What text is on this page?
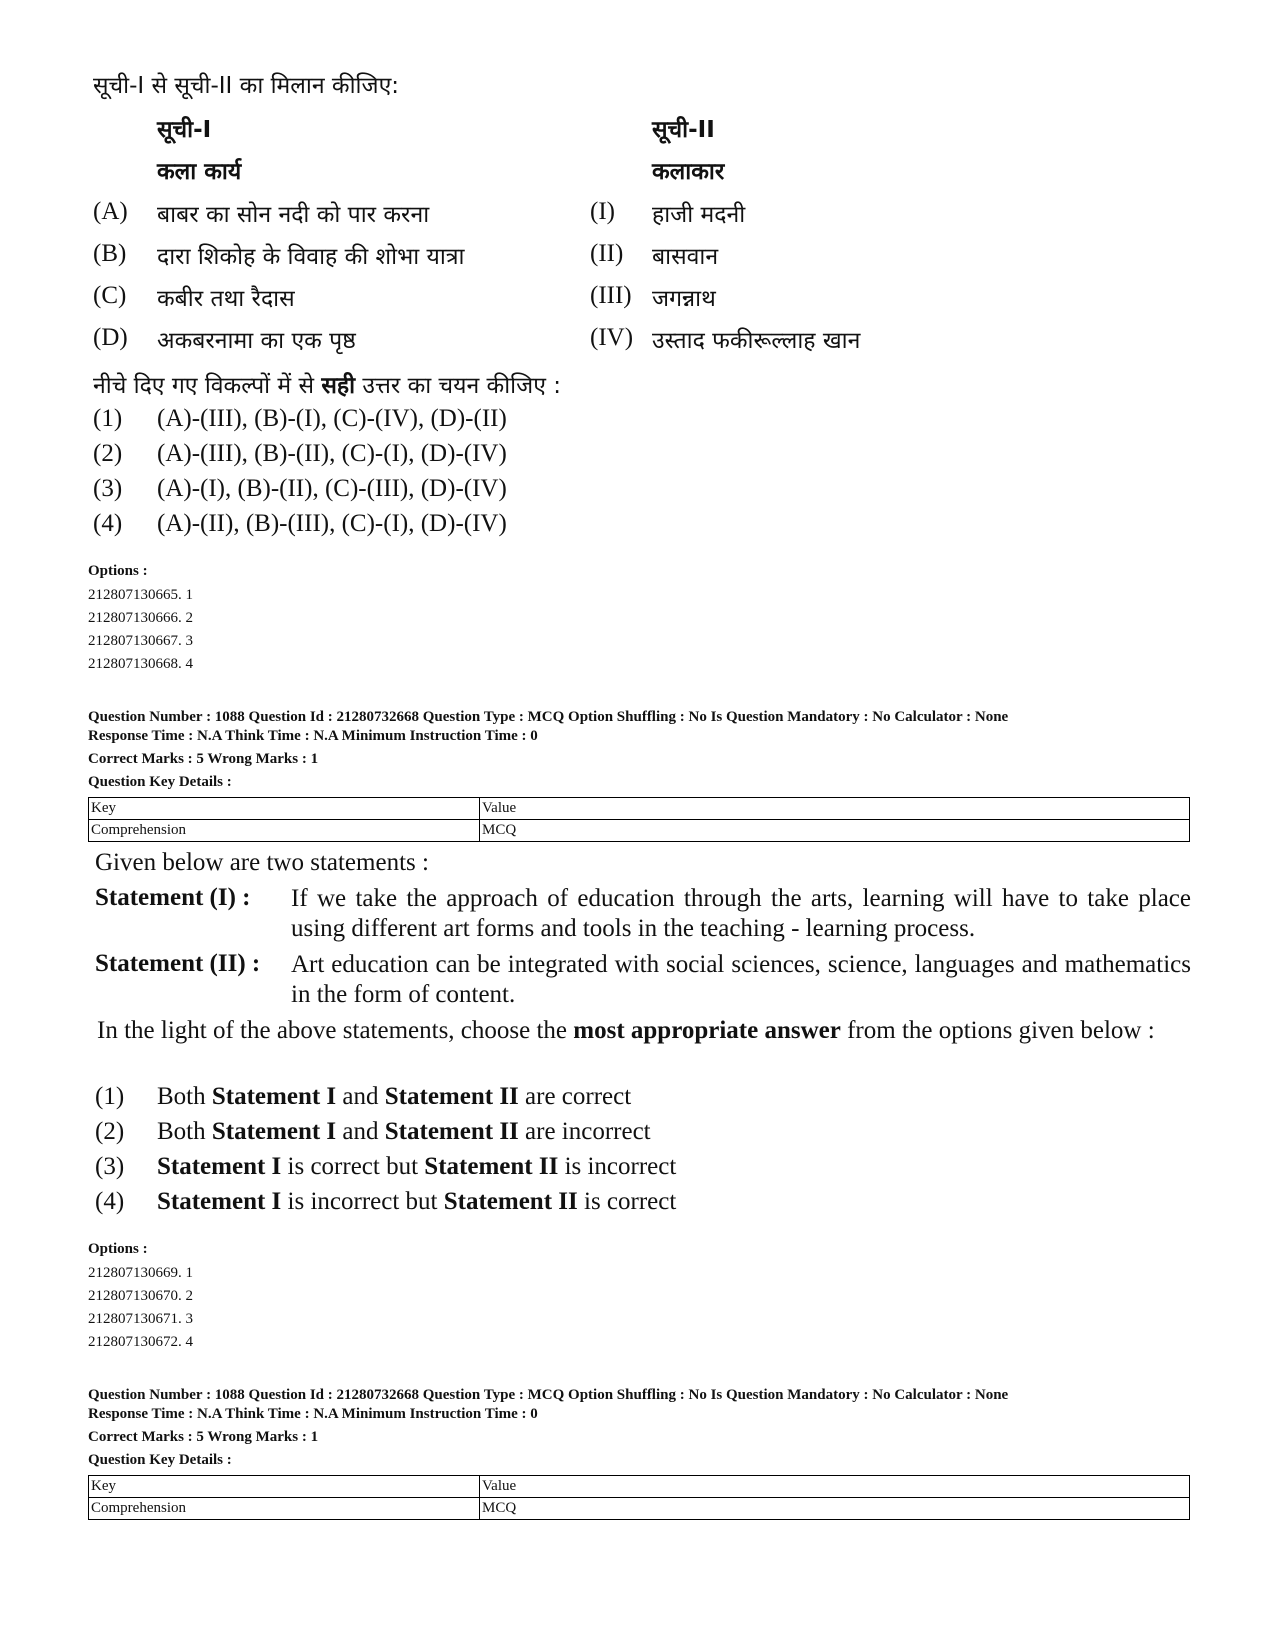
सूची-I से सूची-II का मिलान कीजिए:
सूची-I	सूची-II
कला कार्य	कलाकार
(A) बाबर का सोन नदी को पार करना	(I) हाजी मदनी
(B) दारा शिकोह के विवाह की शोभा यात्रा	(II) बासवान
(C) कबीर तथा रैदास	(III) जगन्नाथ
(D) अकबरनामा का एक पृष्ठ	(IV) उस्ताद फकीरूल्लाह खान
नीचे दिए गए विकल्पों में से सही उत्तर का चयन कीजिए :
(1) (A)-(III), (B)-(I), (C)-(IV), (D)-(II)
(2) (A)-(III), (B)-(II), (C)-(I), (D)-(IV)
(3) (A)-(I), (B)-(II), (C)-(III), (D)-(IV)
(4) (A)-(II), (B)-(III), (C)-(I), (D)-(IV)
Options :
212807130665. 1
212807130666. 2
212807130667. 3
212807130668. 4
Question Number : 1088 Question Id : 21280732668 Question Type : MCQ Option Shuffling : No Is Question Mandatory : No Calculator : None
Response Time : N.A Think Time : N.A Minimum Instruction Time : 0
Correct Marks : 5 Wrong Marks : 1
Question Key Details :
Key	Value
Comprehension	MCQ
Given below are two statements :
Statement (I) : If we take the approach of education through the arts, learning will have to take place using different art forms and tools in the teaching - learning process.
Statement (II) : Art education can be integrated with social sciences, science, languages and mathematics in the form of content.
In the light of the above statements, choose the most appropriate answer from the options given below :
(1) Both Statement I and Statement II are correct
(2) Both Statement I and Statement II are incorrect
(3) Statement I is correct but Statement II is incorrect
(4) Statement I is incorrect but Statement II is correct
Options :
212807130669. 1
212807130670. 2
212807130671. 3
212807130672. 4
Question Number : 1088 Question Id : 21280732668 Question Type : MCQ Option Shuffling : No Is Question Mandatory : No Calculator : None
Response Time : N.A Think Time : N.A Minimum Instruction Time : 0
Correct Marks : 5 Wrong Marks : 1
Question Key Details :
Key	Value
Comprehension	MCQ
